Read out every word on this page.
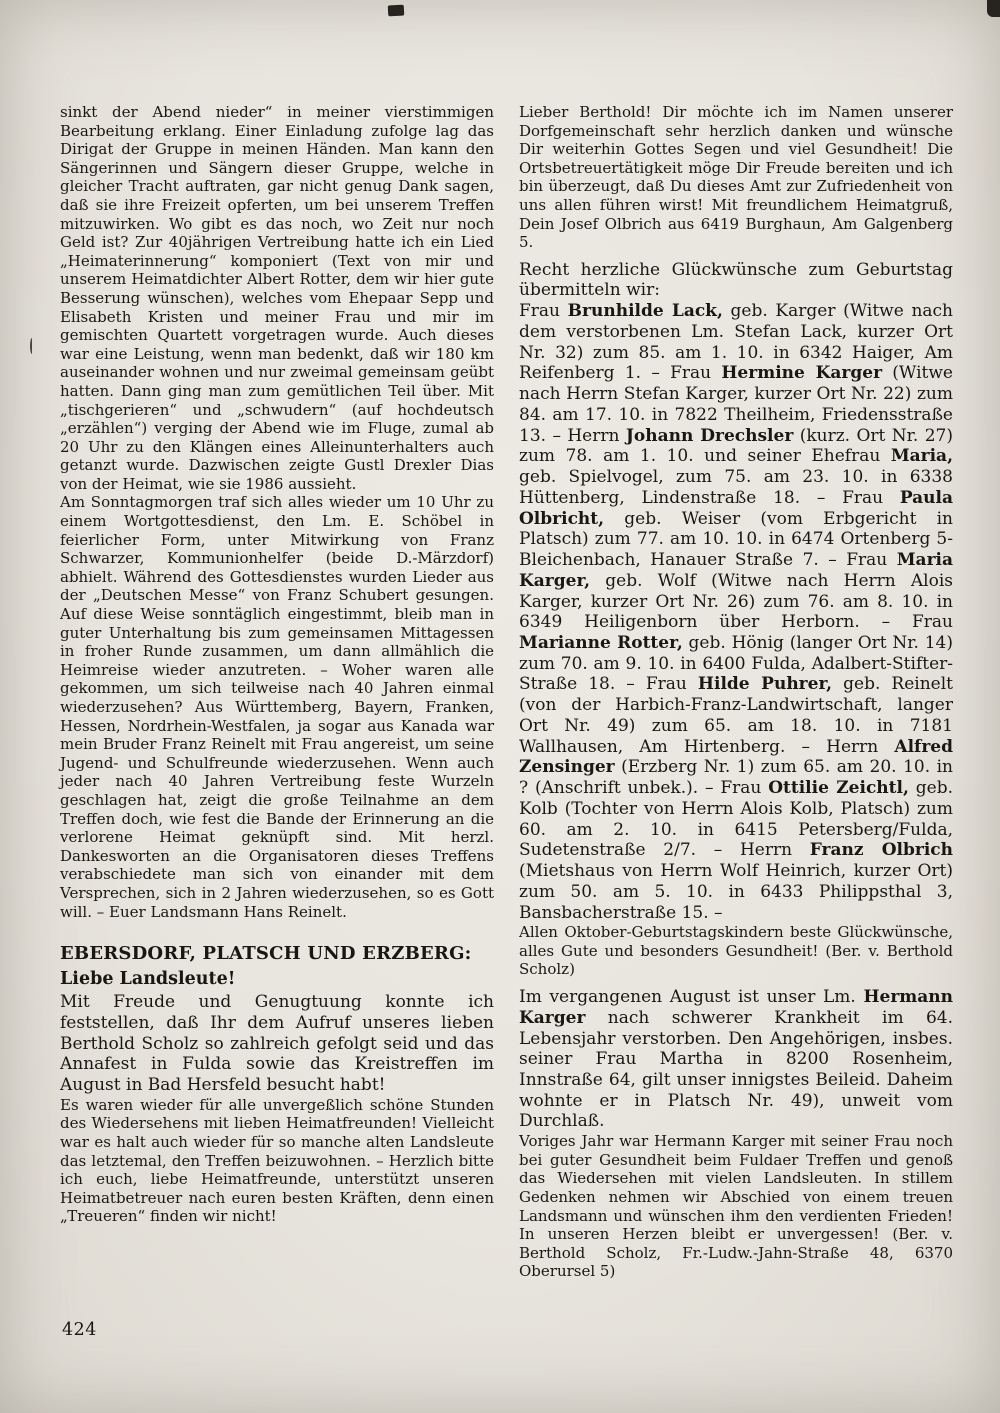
sinkt der Abend nieder“ in meiner vierstimmigen Bearbeitung erklang. Einer Einladung zufolge lag das Dirigat der Gruppe in meinen Händen. Man kann den Sängerinnen und Sängern dieser Gruppe, welche in gleicher Tracht auftraten, gar nicht genug Dank sagen, daß sie ihre Freizeit opferten, um bei unserem Treffen mitzuwirken. Wo gibt es das noch, wo Zeit nur noch Geld ist? Zur 40jährigen Vertreibung hatte ich ein Lied „Heimaterinnerung“ komponiert (Text von mir und unserem Heimatdichter Albert Rotter, dem wir hier gute Besserung wünschen), welches vom Ehepaar Sepp und Elisabeth Kristen und meiner Frau und mir im gemischten Quartett vorgetragen wurde. Auch dieses war eine Leistung, wenn man bedenkt, daß wir 180 km auseinander wohnen und nur zweimal gemeinsam geübt hatten. Dann ging man zum gemütlichen Teil über. Mit „tischgerieren“ und „schwudern“ (auf hochdeutsch „erzählen“) verging der Abend wie im Fluge, zumal ab 20 Uhr zu den Klängen eines Alleinunterhalters auch getanzt wurde. Dazwischen zeigte Gustl Drexler Dias von der Heimat, wie sie 1986 aussieht.
Am Sonntagmorgen traf sich alles wieder um 10 Uhr zu einem Wortgottesdienst, den Lm. E. Schöbel in feierlicher Form, unter Mitwirkung von Franz Schwarzer, Kommunionhelfer (beide D.-Märzdorf) abhielt. Während des Gottesdienstes wurden Lieder aus der „Deutschen Messe“ von Franz Schubert gesungen. Auf diese Weise sonntäglich eingestimmt, bleib man in guter Unterhaltung bis zum gemeinsamen Mittagessen in froher Runde zusammen, um dann allmählich die Heimreise wieder anzutreten. – Woher waren alle gekommen, um sich teilweise nach 40 Jahren einmal wiederzusehen? Aus Württemberg, Bayern, Franken, Hessen, Nordrhein-Westfalen, ja sogar aus Kanada war mein Bruder Franz Reinelt mit Frau angereist, um seine Jugend- und Schulfreunde wiederzusehen. Wenn auch jeder nach 40 Jahren Vertreibung feste Wurzeln geschlagen hat, zeigt die große Teilnahme an dem Treffen doch, wie fest die Bande der Erinnerung an die verlorene Heimat geknüpft sind. Mit herzl. Dankesworten an die Organisatoren dieses Treffens verabschiedete man sich von einander mit dem Versprechen, sich in 2 Jahren wiederzusehen, so es Gott will. – Euer Landsmann Hans Reinelt.
EBERSDORF, PLATSCH UND ERZBERG:
Liebe Landsleute!
Mit Freude und Genugtuung konnte ich feststellen, daß Ihr dem Aufruf unseres lieben Berthold Scholz so zahlreich gefolgt seid und das Annafest in Fulda sowie das Kreistreffen im August in Bad Hersfeld besucht habt!
Es waren wieder für alle unvergeßlich schöne Stunden des Wiedersehens mit lieben Heimatfreunden! Vielleicht war es halt auch wieder für so manche alten Landsleute das letztemal, den Treffen beizuwohnen. – Herzlich bitte ich euch, liebe Heimatfreunde, unterstützt unseren Heimatbetreuer nach euren besten Kräften, denn einen „Treueren“ finden wir nicht!
Lieber Berthold! Dir möchte ich im Namen unserer Dorfgemeinschaft sehr herzlich danken und wünsche Dir weiterhin Gottes Segen und viel Gesundheit! Die Ortsbetreuertätigkeit möge Dir Freude bereiten und ich bin überzeugt, daß Du dieses Amt zur Zufriedenheit von uns allen führen wirst! Mit freundlichem Heimatgruß, Dein Josef Olbrich aus 6419 Burghaun, Am Galgenberg 5.
Recht herzliche Glückwünsche zum Geburtstag übermitteln wir:
Frau Brunhilde Lack, geb. Karger (Witwe nach dem verstorbenen Lm. Stefan Lack, kurzer Ort Nr. 32) zum 85. am 1. 10. in 6342 Haiger, Am Reifenberg 1. – Frau Hermine Karger (Witwe nach Herrn Stefan Karger, kurzer Ort Nr. 22) zum 84. am 17. 10. in 7822 Theilheim, Friedensstraße 13. – Herrn Johann Drechsler (kurz. Ort Nr. 27) zum 78. am 1. 10. und seiner Ehefrau Maria, geb. Spielvogel, zum 75. am 23. 10. in 6338 Hüttenberg, Lindenstraße 18. – Frau Paula Olbricht, geb. Weiser (vom Erbgericht in Platsch) zum 77. am 10. 10. in 6474 Ortenberg 5-Bleichenbach, Hanauer Straße 7. – Frau Maria Karger, geb. Wolf (Witwe nach Herrn Alois Karger, kurzer Ort Nr. 26) zum 76. am 8. 10. in 6349 Heiligenborn über Herborn. – Frau Marianne Rotter, geb. Hönig (langer Ort Nr. 14) zum 70. am 9. 10. in 6400 Fulda, Adalbert-Stifter-Straße 18. – Frau Hilde Puhrer, geb. Reinelt (von der Harbich-Franz-Landwirtschaft, langer Ort Nr. 49) zum 65. am 18. 10. in 7181 Wallhausen, Am Hirtenberg. – Herrn Alfred Zensinger (Erzberg Nr. 1) zum 65. am 20. 10. in ? (Anschrift unbek.). – Frau Ottilie Zeichtl, geb. Kolb (Tochter von Herrn Alois Kolb, Platsch) zum 60. am 2. 10. in 6415 Petersberg/Fulda, Sudetenstraße 2/7. – Herrn Franz Olbrich (Mietshaus von Herrn Wolf Heinrich, kurzer Ort) zum 50. am 5. 10. in 6433 Philippsthal 3, Bansbacherstraße 15. –
Allen Oktober-Geburtstagskindern beste Glückwünsche, alles Gute und besonders Gesundheit! (Ber. v. Berthold Scholz)
Im vergangenen August ist unser Lm. Hermann Karger nach schwerer Krankheit im 64. Lebensjahr verstorben. Den Angehörigen, insbes. seiner Frau Martha in 8200 Rosenheim, Innstraße 64, gilt unser innigstes Beileid. Daheim wohnte er in Platsch Nr. 49), unweit vom Durchlaß.
Voriges Jahr war Hermann Karger mit seiner Frau noch bei guter Gesundheit beim Fuldaer Treffen und genoß das Wiedersehen mit vielen Landsleuten. In stillem Gedenken nehmen wir Abschied von einem treuen Landsmann und wünschen ihm den verdienten Frieden! In unseren Herzen bleibt er unvergessen! (Ber. v. Berthold Scholz, Fr.-Ludw.-Jahn-Straße 48, 6370 Oberursel 5)
424
